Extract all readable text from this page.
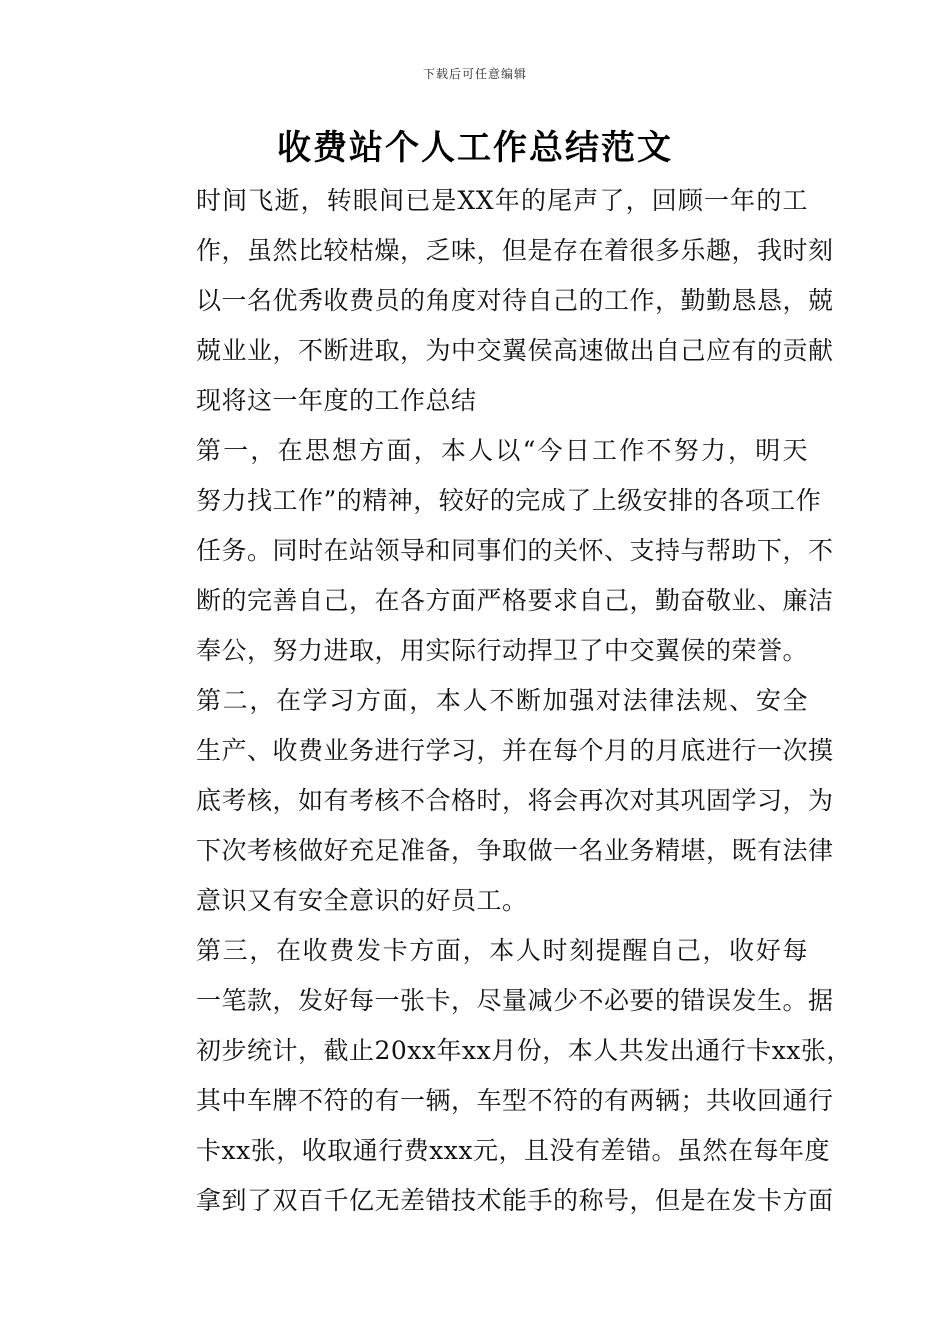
下载后可任意编辑
收费站个人工作总结范文

时间飞逝，转眼间已是XX年的尾声了，回顾一年的工
作，虽然比较枯燥，乏味，但是存在着很多乐趣，我时刻
以一名优秀收费员的角度对待自己的工作，勤勤恳恳，兢
兢业业，不断进取，为中交翼侯高速做出自己应有的贡献
现将这一年度的工作总结

第一，在思想方面，本人以“今日工作不努力，明天
努力找工作”的精神，较好的完成了上级安排的各项工作
任务。同时在站领导和同事们的关怀、支持与帮助下，不
断的完善自己，在各方面严格要求自己，勤奋敬业、廉洁
奉公，努力进取，用实际行动捍卫了中交翼侯的荣誉。

第二，在学习方面，本人不断加强对法律法规、安全
生产、收费业务进行学习，并在每个月的月底进行一次摸
底考核，如有考核不合格时，将会再次对其巩固学习，为
下次考核做好充足准备，争取做一名业务精堪，既有法律
意识又有安全意识的好员工。

第三，在收费发卡方面，本人时刻提醒自己，收好每
一笔款，发好每一张卡，尽量减少不必要的错误发生。据
初步统计，截止20xx年xx月份，本人共发出通行卡xx张，
其中车牌不符的有一辆，车型不符的有两辆；共收回通行
卡xx张，收取通行费xxx元，且没有差错。虽然在每年度
拿到了双百千亿无差错技术能手的称号，但是在发卡方面
